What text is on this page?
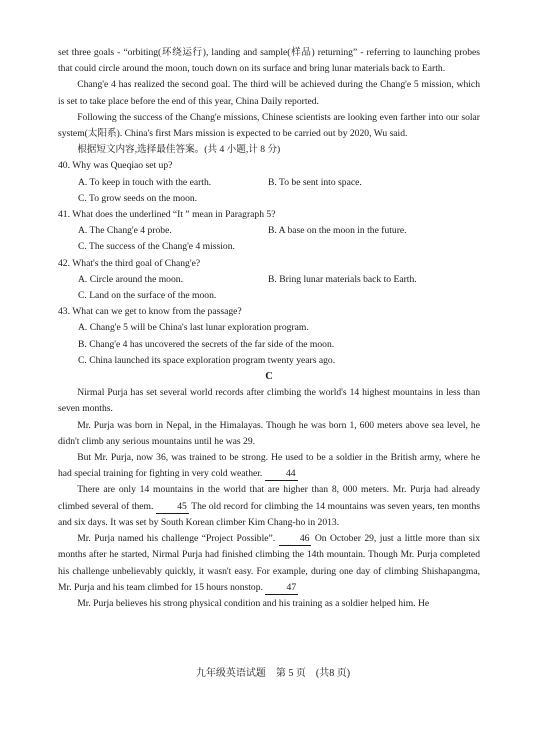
set three goals - “orbiting(环绕运行), landing and sample(样品) returning” - referring to launching probes that could circle around the moon, touch down on its surface and bring lunar materials back to Earth.

Chang'e 4 has realized the second goal. The third will be achieved during the Chang'e 5 mission, which is set to take place before the end of this year, China Daily reported.

Following the success of the Chang'e missions, Chinese scientists are looking even farther into our solar system(太阳系). China's first Mars mission is expected to be carried out by 2020, Wu said.

根据短文内容,选择最佳答案。(共 4 小题,计 8 分)

40. Why was Queqiao set up?

A. To keep in touch with the earth.	B. To be sent into space.

C. To grow seeds on the moon.

41. What does the underlined “It ” mean in Paragraph 5?

A. The Chang'e 4 probe.	B. A base on the moon in the future.

C. The success of the Chang'e 4 mission.

42. What's the third goal of Chang'e?

A. Circle around the moon.	B. Bring lunar materials back to Earth.

C. Land on the surface of the moon.

43. What can we get to know from the passage?

A. Chang'e 5 will be China's last lunar exploration program.

B. Chang'e 4 has uncovered the secrets of the far side of the moon.

C. China launched its space exploration program twenty years ago.

C

Nirmal Purja has set several world records after climbing the world's 14 highest mountains in less than seven months.

Mr. Purja was born in Nepal, in the Himalayas. Though he was born 1, 600 meters above sea level, he didn't climb any serious mountains until he was 29.

But Mr. Purja, now 36, was trained to be strong. He used to be a soldier in the British army, where he had special training for fighting in very cold weather. 44

There are only 14 mountains in the world that are higher than 8, 000 meters. Mr. Purja had already climbed several of them. 45 The old record for climbing the 14 mountains was seven years, ten months and six days. It was set by South Korean climber Kim Chang-ho in 2013.

Mr. Purja named his challenge “Project Possible”.	46 On October 29, just a little more than six months after he started, Nirmal Purja had finished climbing the 14th mountain. Though Mr. Purja completed his challenge unbelievably quickly, it wasn't easy. For example, during one day of climbing Shishapangma, Mr. Purja and his team climbed for 15 hours nonstop. 47

Mr. Purja believes his strong physical condition and his training as a soldier helped him. He

九年级英语试题　第 5 页　(共8 页)
